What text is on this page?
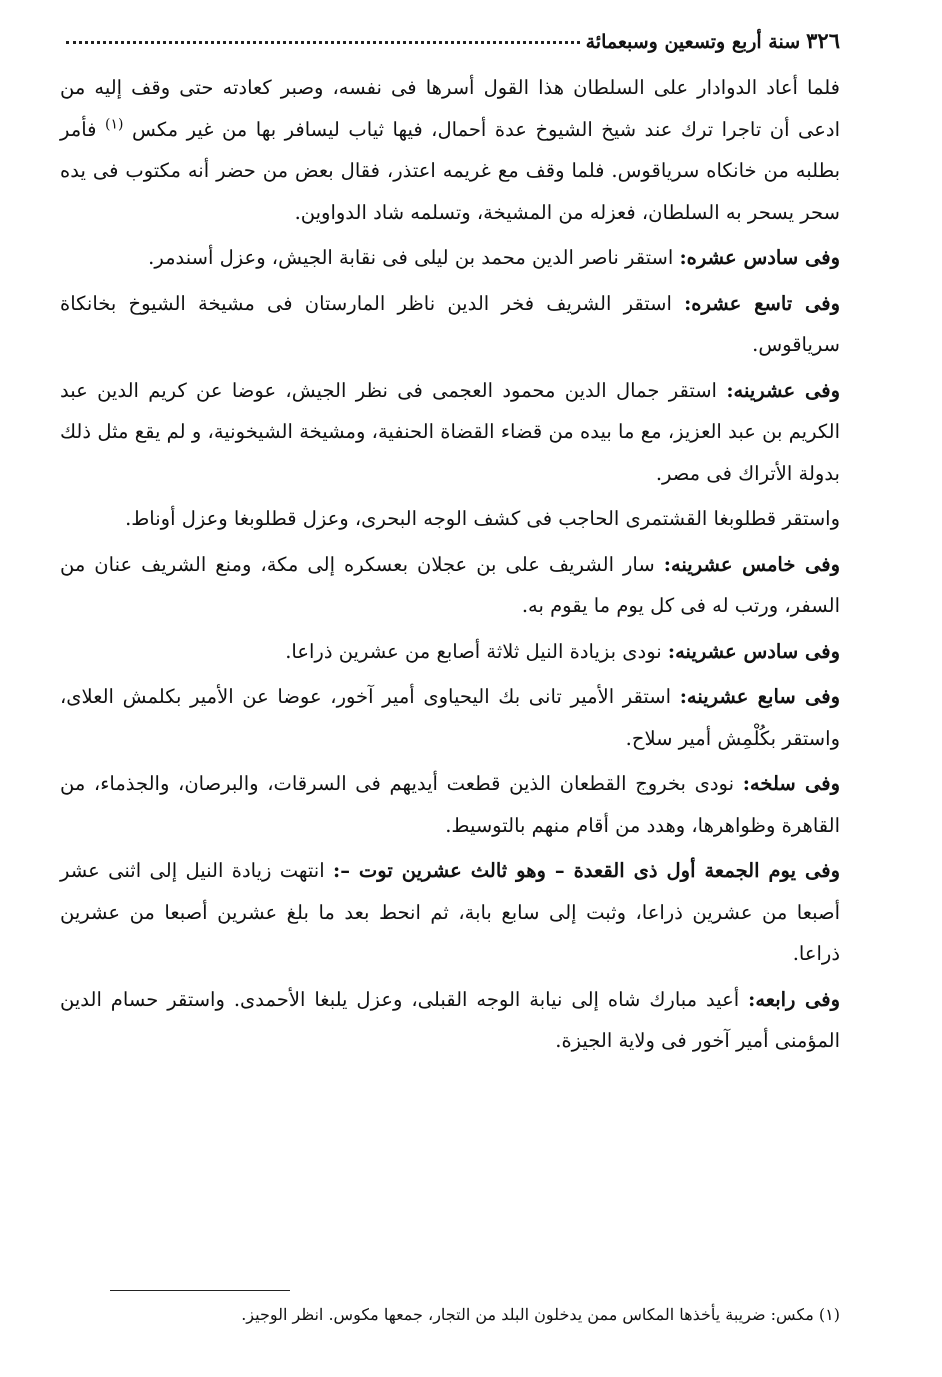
٣٢٦
سنة أربع وتسعين وسبعمائة

فلما أعاد الدوادار على السلطان هذا القول أسرها فى نفسه، وصبر كعادته حتى وقف إليه من ادعى أن تاجرا ترك عند شيخ الشيوخ عدة أحمال، فيها ثياب ليسافر بها من غير مكس $^{(١)}$ فأمر بطلبه من خانكاه سرياقوس. فلما وقف مع غريمه اعتذر، فقال بعض من حضر أنه مكتوب فى يده سحر يسحر به السلطان، فعزله من المشيخة، وتسلمه شاد الدواوين.

وفى سادس عشره: استقر ناصر الدين محمد بن ليلى فى نقابة الجيش، وعزل أسندمر.

وفى تاسع عشره: استقر الشريف فخر الدين ناظر المارستان فى مشيخة الشيوخ بخانكاة سرياقوس.

وفى عشرينه: استقر جمال الدين محمود العجمى فى نظر الجيش، عوضا عن كريم الدين عبد الكريم بن عبد العزيز، مع ما بيده من قضاء القضاة الحنفية، ومشيخة الشيخونية، و لم يقع مثل ذلك بدولة الأتراك فى مصر.

واستقر قطلوبغا القشتمرى الحاجب فى كشف الوجه البحرى، وعزل قطلوبغا وعزل أوناط.

وفى خامس عشرينه: سار الشريف على بن عجلان بعسكره إلى مكة، ومنع الشريف عنان من السفر، ورتب له فى كل يوم ما يقوم به.

وفى سادس عشرينه: نودى بزيادة النيل ثلاثة أصابع من عشرين ذراعا.

وفى سابع عشرينه: استقر الأمير تانى بك اليحياوى أمير آخور، عوضا عن الأمير بكلمش العلاى، واستقر بكُلْمِش أمير سلاح.

وفى سلخه: نودى بخروج القطعان الذين قطعت أيديهم فى السرقات، والبرصان، والجذماء، من القاهرة وظواهرها، وهدد من أقام منهم بالتوسيط.

وفى يوم الجمعة أول ذى القعدة – وهو ثالث عشرين توت –: انتهت زيادة النيل إلى اثنى عشر أصبعا من عشرين ذراعا، وثبت إلى سابع بابة، ثم انحط بعد ما بلغ عشرين أصبعا من عشرين ذراعا.

وفى رابعه: أعيد مبارك شاه إلى نيابة الوجه القبلى، وعزل يلبغا الأحمدى. واستقر حسام الدين المؤمنى أمير آخور فى ولاية الجيزة.

(١) مكس: ضريبة يأخذها المكاس ممن يدخلون البلد من التجار، جمعها مكوس. انظر الوجيز.
